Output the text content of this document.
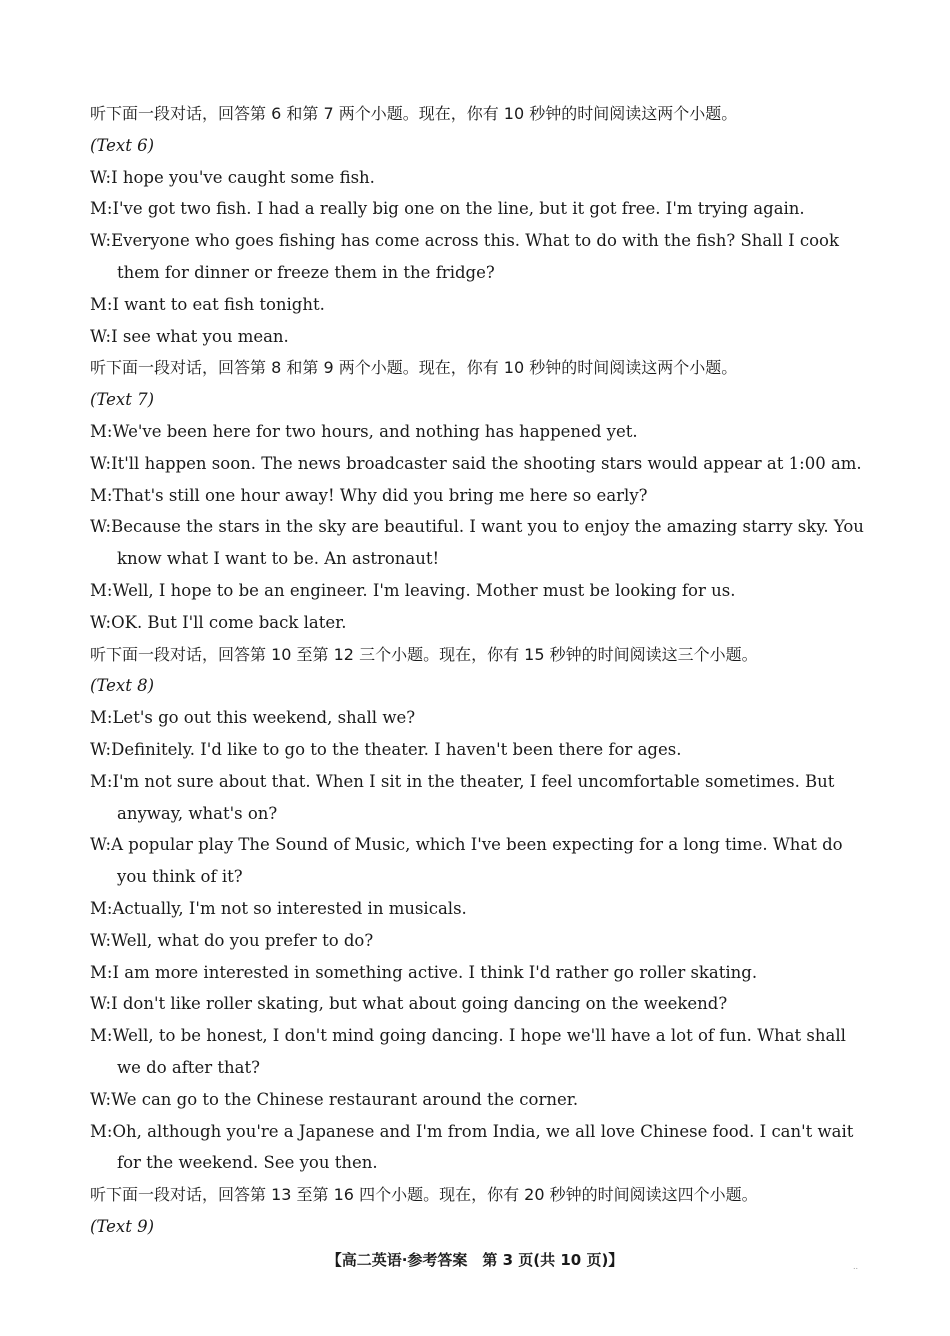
听下面一段对话，回答第 6 和第 7 两个小题。现在，你有 10 秒钟的时间阅读这两个小题。

(Text 6)

W:I hope you've caught some fish.
M:I've got two fish. I had a really big one on the line, but it got free. I'm trying again.
W:Everyone who goes fishing has come across this. What to do with the fish? Shall I cook
them for dinner or freeze them in the fridge?
M:I want to eat fish tonight.
W:I see what you mean.

听下面一段对话，回答第 8 和第 9 两个小题。现在，你有 10 秒钟的时间阅读这两个小题。

(Text 7)

M:We've been here for two hours, and nothing has happened yet.
W:It'll happen soon. The news broadcaster said the shooting stars would appear at 1:00 am.
M:That's still one hour away! Why did you bring me here so early?
W:Because the stars in the sky are beautiful. I want you to enjoy the amazing starry sky. You
know what I want to be. An astronaut!
M:Well, I hope to be an engineer. I'm leaving. Mother must be looking for us.
W:OK. But I'll come back later.

听下面一段对话，回答第 10 至第 12 三个小题。现在，你有 15 秒钟的时间阅读这三个小题。

(Text 8)

M:Let's go out this weekend, shall we?
W:Definitely. I'd like to go to the theater. I haven't been there for ages.
M:I'm not sure about that. When I sit in the theater, I feel uncomfortable sometimes. But
anyway, what's on?
W:A popular play The Sound of Music, which I've been expecting for a long time. What do
you think of it?
M:Actually, I'm not so interested in musicals.
W:Well, what do you prefer to do?
M:I am more interested in something active. I think I'd rather go roller skating.
W:I don't like roller skating, but what about going dancing on the weekend?
M:Well, to be honest, I don't mind going dancing. I hope we'll have a lot of fun. What shall
we do after that?
W:We can go to the Chinese restaurant around the corner.
M:Oh, although you're a Japanese and I'm from India, we all love Chinese food. I can't wait
for the weekend. See you then.

听下面一段对话，回答第 13 至第 16 四个小题。现在，你有 20 秒钟的时间阅读这四个小题。

(Text 9)

【高二英语·参考答案　第 3 页(共 10 页)】	..
